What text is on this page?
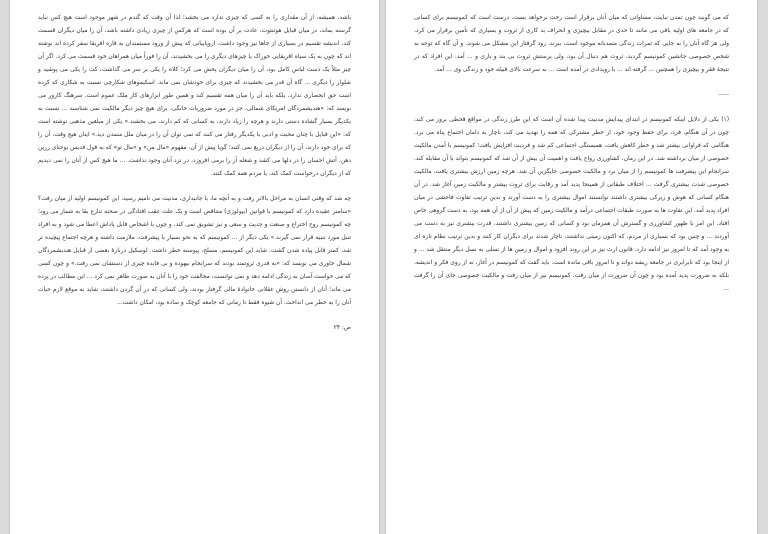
باشد، همیشه، از آن مقداری را به کسی که چیزی ندارد می بخشد؛ لذا آن وقت که گندم در شهر موجود است هیچ کس نباید گرسنه بماند، در میان قبایل هوتنتوت، عادت بر آن بوده است که هرکس از چیزی زیادی داشته باشد، آن را میان دیگران قسمت کند. اندیشه تقسیم در بسیاری از جاها نیز وجود داشت. اروپاییانی که پیش از ورود مستمندان به قاره افریقا سفر کرده اند نوشته اند که چون به یک سیاه افریقایی خوراک یا چیزهای دیگری را می بخشیدند، آن را فوراً میان همراهان خود قسمت می کرد. اگر آن چیز مثلاً یک دست لباس کامل بود، آن را میان دیگران پخش می کرد؛ کلاه را یکی بر سر می گذاشت، کت را یکی می پوشید و شلوار را دیگری ... گاه آن قدر می بخشیدند که چیزی برای خودشان نمی ماند. اسکیموهای شکارچی نسبت به شکاری که کرده است حق انحصاری ندارد، بلکه باید آن را میان همه تقسیم کند و همین طور ابزارهای کار ملک عموم است. سرهنگ کارور می نویسد که: «هندیشمردگان امریکای شمالی، جز در مورد ضروریات خانگی، برای هیچ چیز دیگر مالکیت نمی شناسند ... نسبت به یکدیگر بسیار گشاده دستی دارند و هرچه را زیاد دارند، به کسانی که کم دارند، می بخشند.» یکی از مبلغین مذهبی نوشته است که: «این قبایل با چنان محبت و ادبی با یکدیگر رفتار می کنند که نمی توان آن را در میان ملل متمدن دید.» اینان هیچ وقت، آن را که برای خود دارند، آن را از دیگران دریغ نمی کنند؛ گویا پیش از آن، مفهوم «مال من» و «مال تو» که به قول قدیس بوحنای زرین دهن، آتش احسان را در دلها می کشد و شعله آز را برمی افروزد، در نزد آنان وجود نداشت. ... ما هیچ کس از آنان را نمی دیدیم که از دیگران درخواست کمک کند، یا مردم همه کمک کنند.

چه شد که وقتی انسان به مراحل بالاتر رفت و به آنچه ما، با جانبداری، مدنیت می نامیم رسید، این کمونیسم اولیه از میان رفت؟ «سامنر عقیده دارد که کمونیسم با قوانین (بیولوژی) متناقض است و یک علت عقب افتادگی در صحنه تنازع بقا به شمار می رود؛ چه کمونیسم روح اختراع و صنعت و جدیت و سعی و نیز تشویق نمی کند، و چون با اشخاص قابل پاداش اعطا می شود و به افراد تنبل مورد تنبیه قرار نمی گیرند.» یکی دیگر از ... کمونیسم که به نحو بسیار با پیشرفت، ملازمت داشته و هرچه اجتماع پیچیده تر شد، کمتر قابل پیاده شدن گشت. شاید این کمونیسم، مسلح، پیوسته خطر داشت. لوسکیل دربارهٔ بعضی از قبایل هندیشمردگان شمال خاوری می نویسد که: «به قدری ثروتمند بودند که سرانجام بیهوده و بی فایده چیزی از دستشان نمی رفت.» و چون کسی که می خواست آسان به زندگی ادامه دهد و نمی توانست، مخالفت خود را با آنان به صورت ظاهر نمی کرد ... این مطالب در پرده می ماند؛ آنان از دانستن روش عقلانی خانوادهٔ مالی گرفتار بودند، ولی کسانی که در آن گردن داشتند، شاید به موقع لازم حیات آنان را به خطر می انداخت. آن شیوه فقط تا زمانی که جامعه کوچک و ساده بود، امکان داشت...

ص: ۲۴

که می گویند چون تمدن نبایت، مساواتی که میان آنان برقرار است رخت برخواهد بست. درست است که کمونیسم برای کسانی که در جامعه های اولیه باقی می مانند تا حدی در مقابل بیچیزی و انحراف بد کاری از ثروت و بسیاری که تأمین برقرار می کرد، ولی هر گاه آنان را به جایی که ثمرات زندگی متمدنانه موجود است، ببرند، زود گرفتار این مشکل می شوند. و آن گاه که توجه به شخص خصوصی جانشین کمونیسم گردید، ثروت هم دنبال آن بود، ولی پرستش ثروت بی بند و باری و ... آمد. این افراد که در نتیجهٔ فقر و بیچیزی را همچنین ... گرفته اند ... با رویدادی در آمده است ... به سرعت بالای قبیله خود و زندگی وی ... آمد.

-----

(۱) یکی از دلایل اینکه کمونیسم در ابتدای پیدایش مدنیت پیدا شده آن است که این طرز زندگی در مواقع قحطی بروز می کند، چون در آن هنگام، فرد، برای حفظ وجود خود، از خطر مشترکی که همه را تهدید می کند، ناچار به دامان اجتماع پناه می برد. هنگامی که فراوانی بیشتر شد و خطر کاهش یافت، همبستگی اجتماعی کم شد و فردیت افزایش یافت؛ کمونیسم با آمدن مالکیت خصوصی از میان برداشته شد. در این زمان، کشاورزی رواج یافت و اهمیت آن بیش از آن شد که کمونیسم بتواند با آن مقابله کند. سرانجام این پیشرفت ها کمونیسم را از میان برد و مالکیت خصوصی جایگزین آن شد. هرچه زمین ارزش بیشتری یافت، مالکیت خصوصی شدت بیشتری گرفت ... اختلاف طبقاتی از همینجا پدید آمد و رقابت برای ثروت بیشتر و مالکیت زمین آغاز شد. در آن هنگام کسانی که هوش و زیرکی بیشتری داشتند توانستند اموال بیشتری را به دست آورند و بدین ترتیب تفاوت فاحشی در میان افراد پدید آمد. این تفاوت ها به صورت طبقات اجتماعی درآمد و مالکیت زمین که پیش از آن از آن همه بود، به دست گروهی خاص افتاد. این امر با ظهور کشاورزی و گسترش آن همزمان بود و کسانی که زمین بیشتری داشتند، قدرت بیشتری نیز به دست می آوردند ... و چنین بود که بسیاری از مردم، که اکنون زمینی نداشتند، ناچار شدند برای دیگران کار کنند و بدین ترتیب نظام تازه ای به وجود آمد که تا امروز نیز ادامه دارد. قانون ارث نیز بر این روند افزود و اموال و زمین ها از نسلی به نسل دیگر منتقل شد ... و از اینجا بود که نابرابری در جامعه ریشه دواند و تا امروز باقی مانده است. باید گفت که کمونیسم در آغاز، نه از روی فکر و اندیشه، بلکه به ضرورت پدید آمده بود و چون آن ضرورت از میان رفت، کمونیسم نیز از میان رفت و مالکیت خصوصی جای آن را گرفت ...
